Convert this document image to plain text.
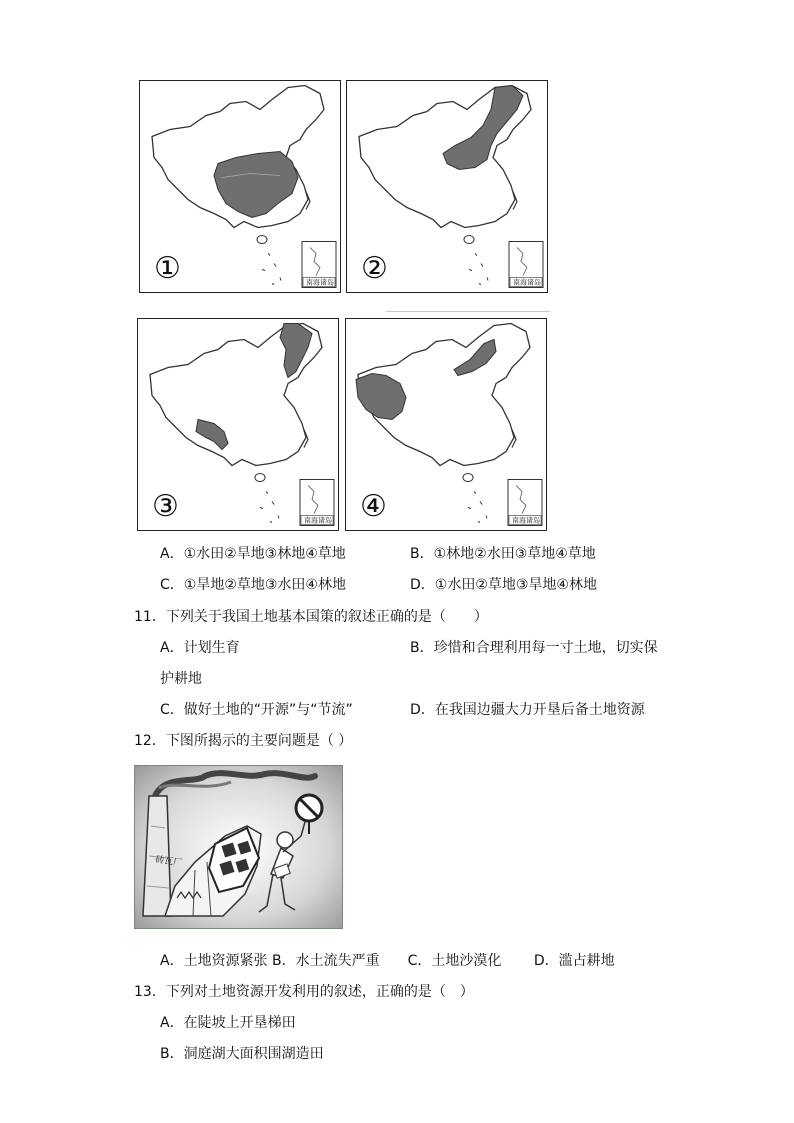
南海诸岛
①	南海诸岛
②
南海诸岛
③	南海诸岛
④
A．①水田②旱地③林地④草地	B．①林地②水田③草地④草地
C．①旱地②草地③水田④林地	D．①水田②草地③旱地④林地
11．下列关于我国土地基本国策的叙述正确的是（　　）
A．计划生育	B．珍惜和合理利用每一寸土地，切实保
护耕地
C．做好土地的“开源”与“节流”	D．在我国边疆大力开垦后备土地资源
12．下图所揭示的主要问题是（ ）
砖瓦厂
A．土地资源紧张 B．水土流失严重　　C．土地沙漠化　　 D．滥占耕地
13．下列对土地资源开发利用的叙述，正确的是（　）
A．在陡坡上开垦梯田
B．洞庭湖大面积围湖造田
